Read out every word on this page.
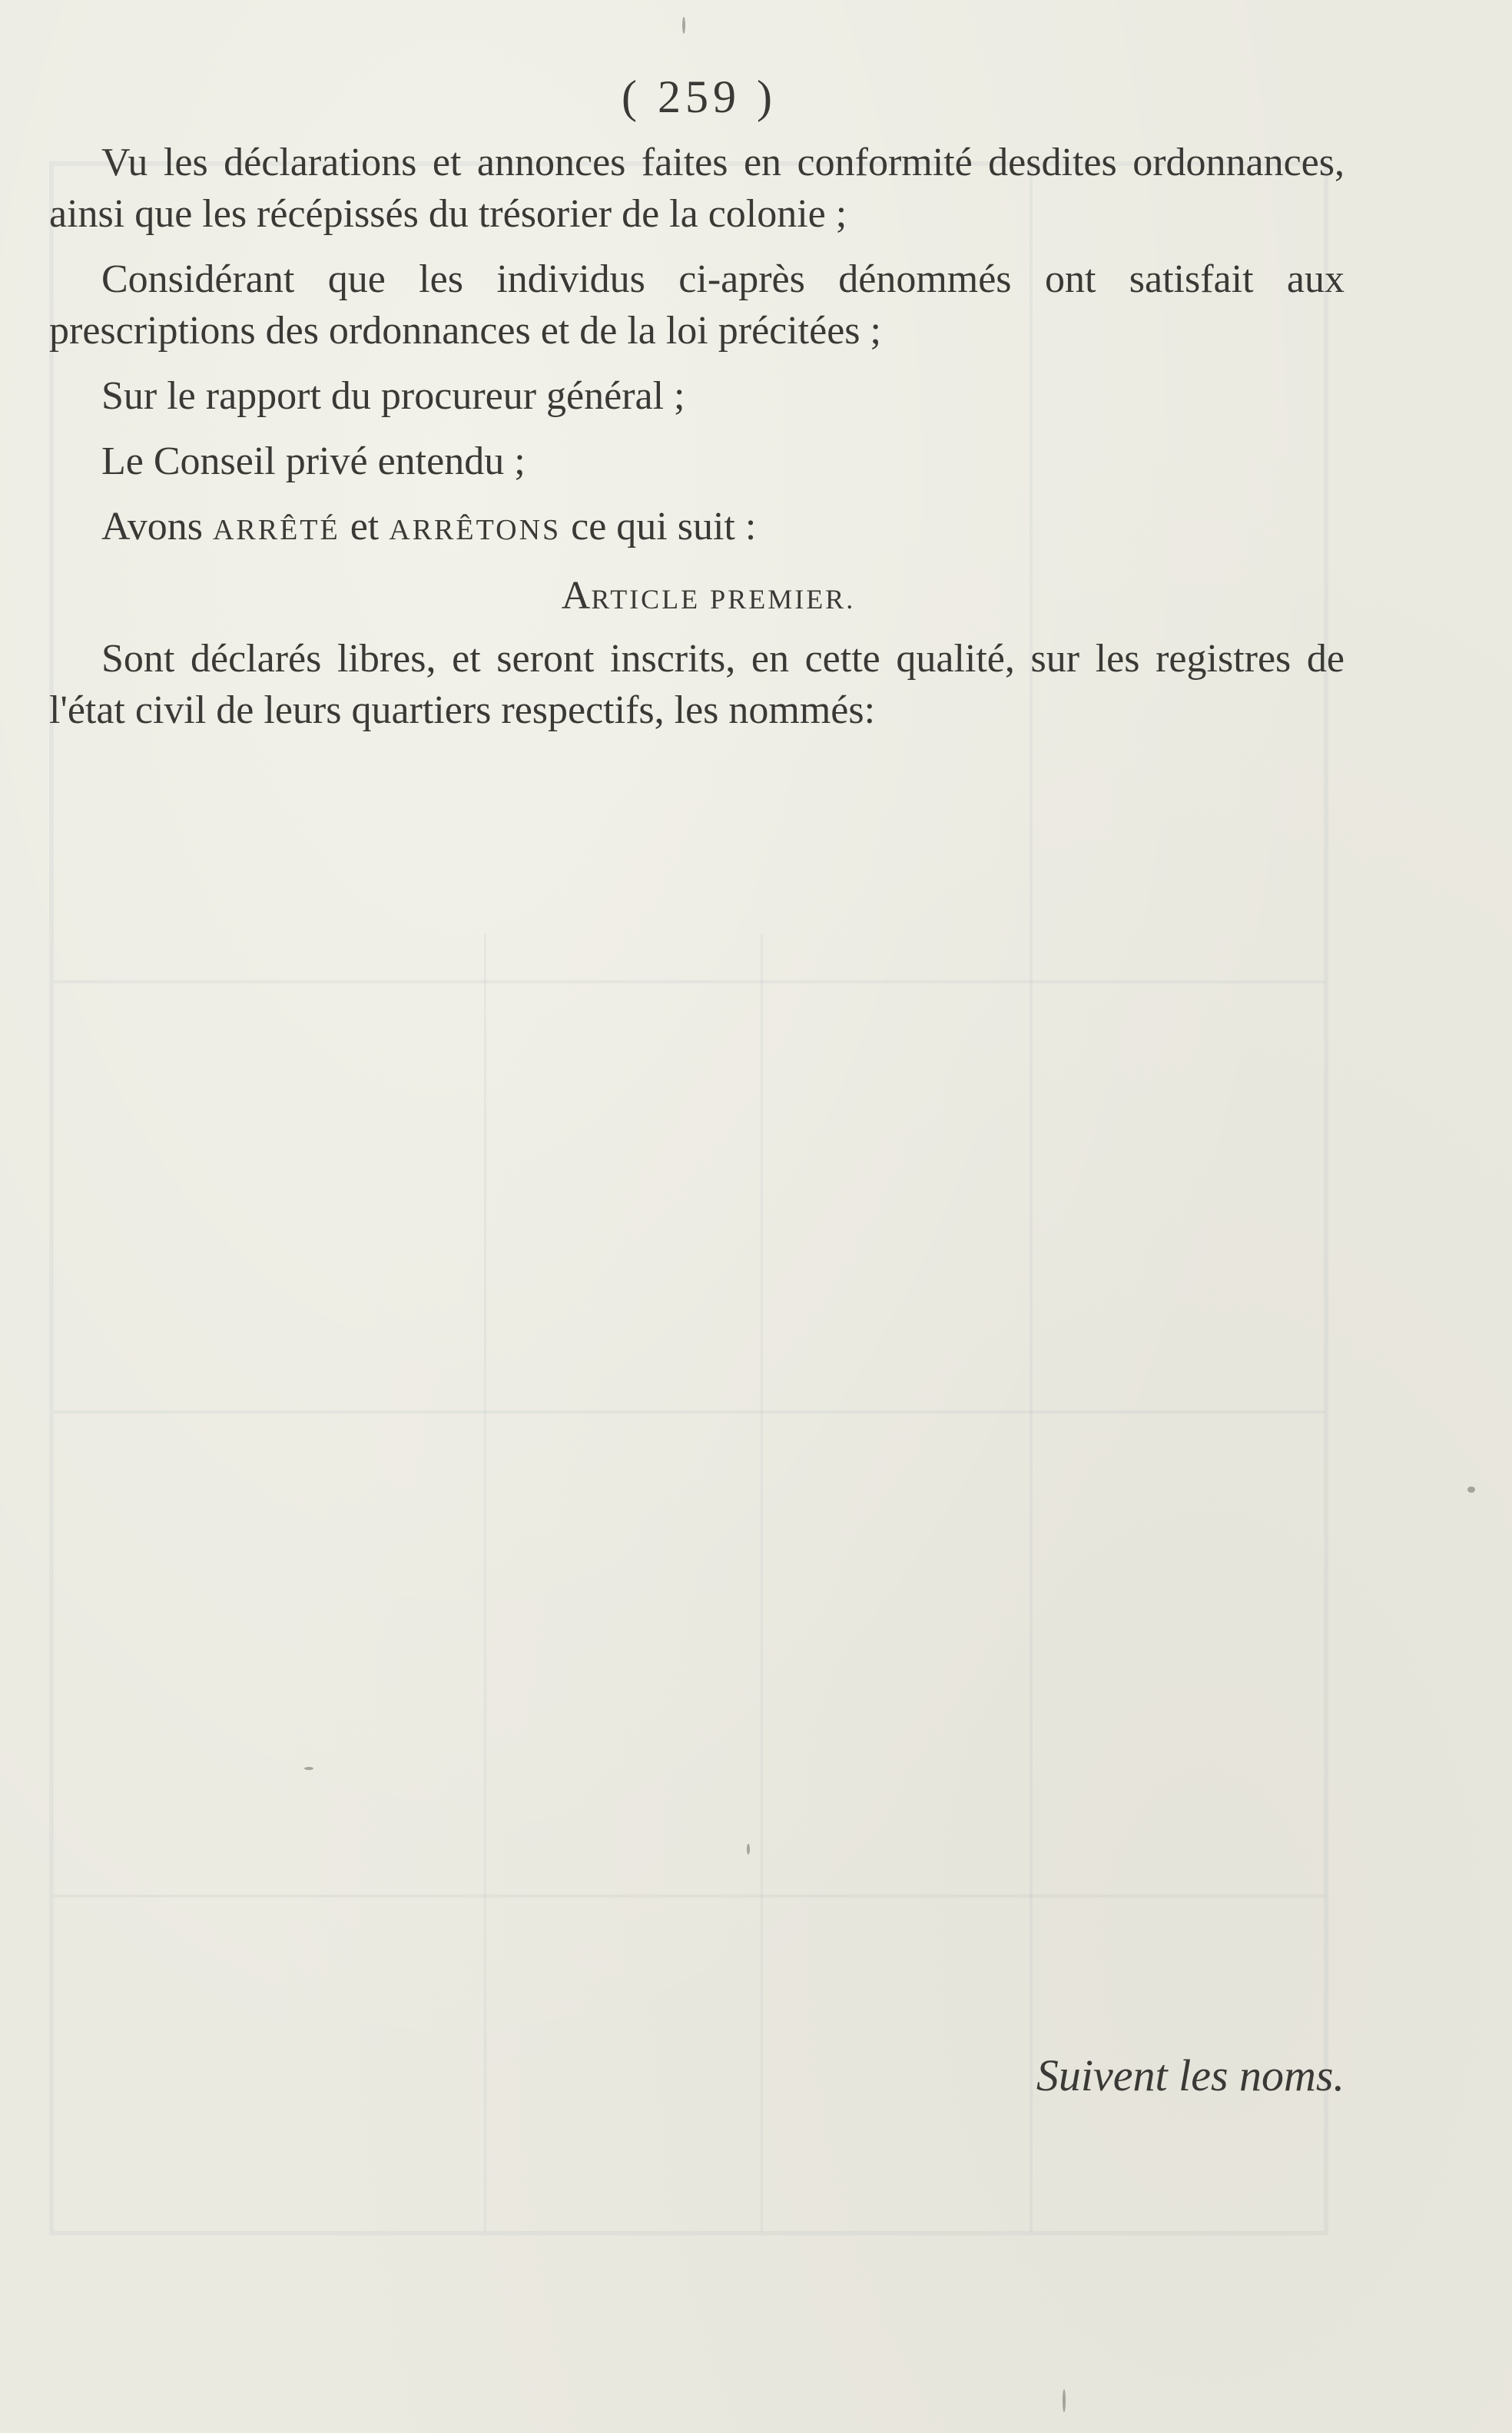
( 259 )

Vu les déclarations et annonces faites en conformité desdites ordonnances, ainsi que les récépissés du trésorier de la colonie ;

Considérant que les individus ci-après dénommés ont satisfait aux prescriptions des ordonnances et de la loi précitées ;

Sur le rapport du procureur général ;

Le Conseil privé entendu ;

Avons ARRÊTÉ et ARRÊTONS ce qui suit :

ARTICLE PREMIER.

Sont déclarés libres, et seront inscrits, en cette qualité, sur les registres de l'état civil de leurs quartiers respectifs, les nommés:

Suivent les noms.
